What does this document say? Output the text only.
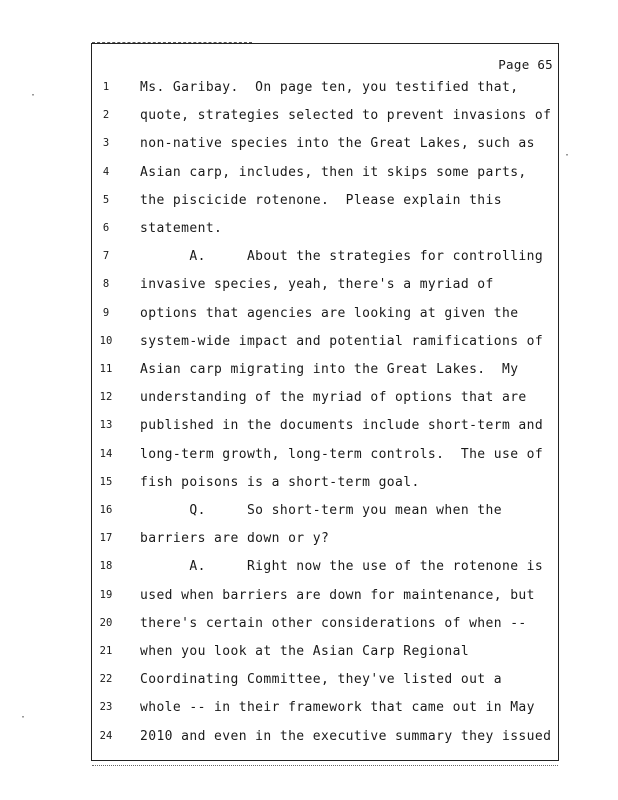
Page 65
1	Ms. Garibay.  On page ten, you testified that,
2	quote, strategies selected to prevent invasions of
3	non-native species into the Great Lakes, such as
4	Asian carp, includes, then it skips some parts,
5	the piscicide rotenone.  Please explain this
6	statement.
7	A.     About the strategies for controlling
8	invasive species, yeah, there's a myriad of
9	options that agencies are looking at given the
10	system-wide impact and potential ramifications of
11	Asian carp migrating into the Great Lakes.  My
12	understanding of the myriad of options that are
13	published in the documents include short-term and
14	long-term growth, long-term controls.  The use of
15	fish poisons is a short-term goal.
16	Q.     So short-term you mean when the
17	barriers are down or y?
18	A.     Right now the use of the rotenone is
19	used when barriers are down for maintenance, but
20	there's certain other considerations of when --
21	when you look at the Asian Carp Regional
22	Coordinating Committee, they've listed out a
23	whole -- in their framework that came out in May
24	2010 and even in the executive summary they issued
·
·
·
